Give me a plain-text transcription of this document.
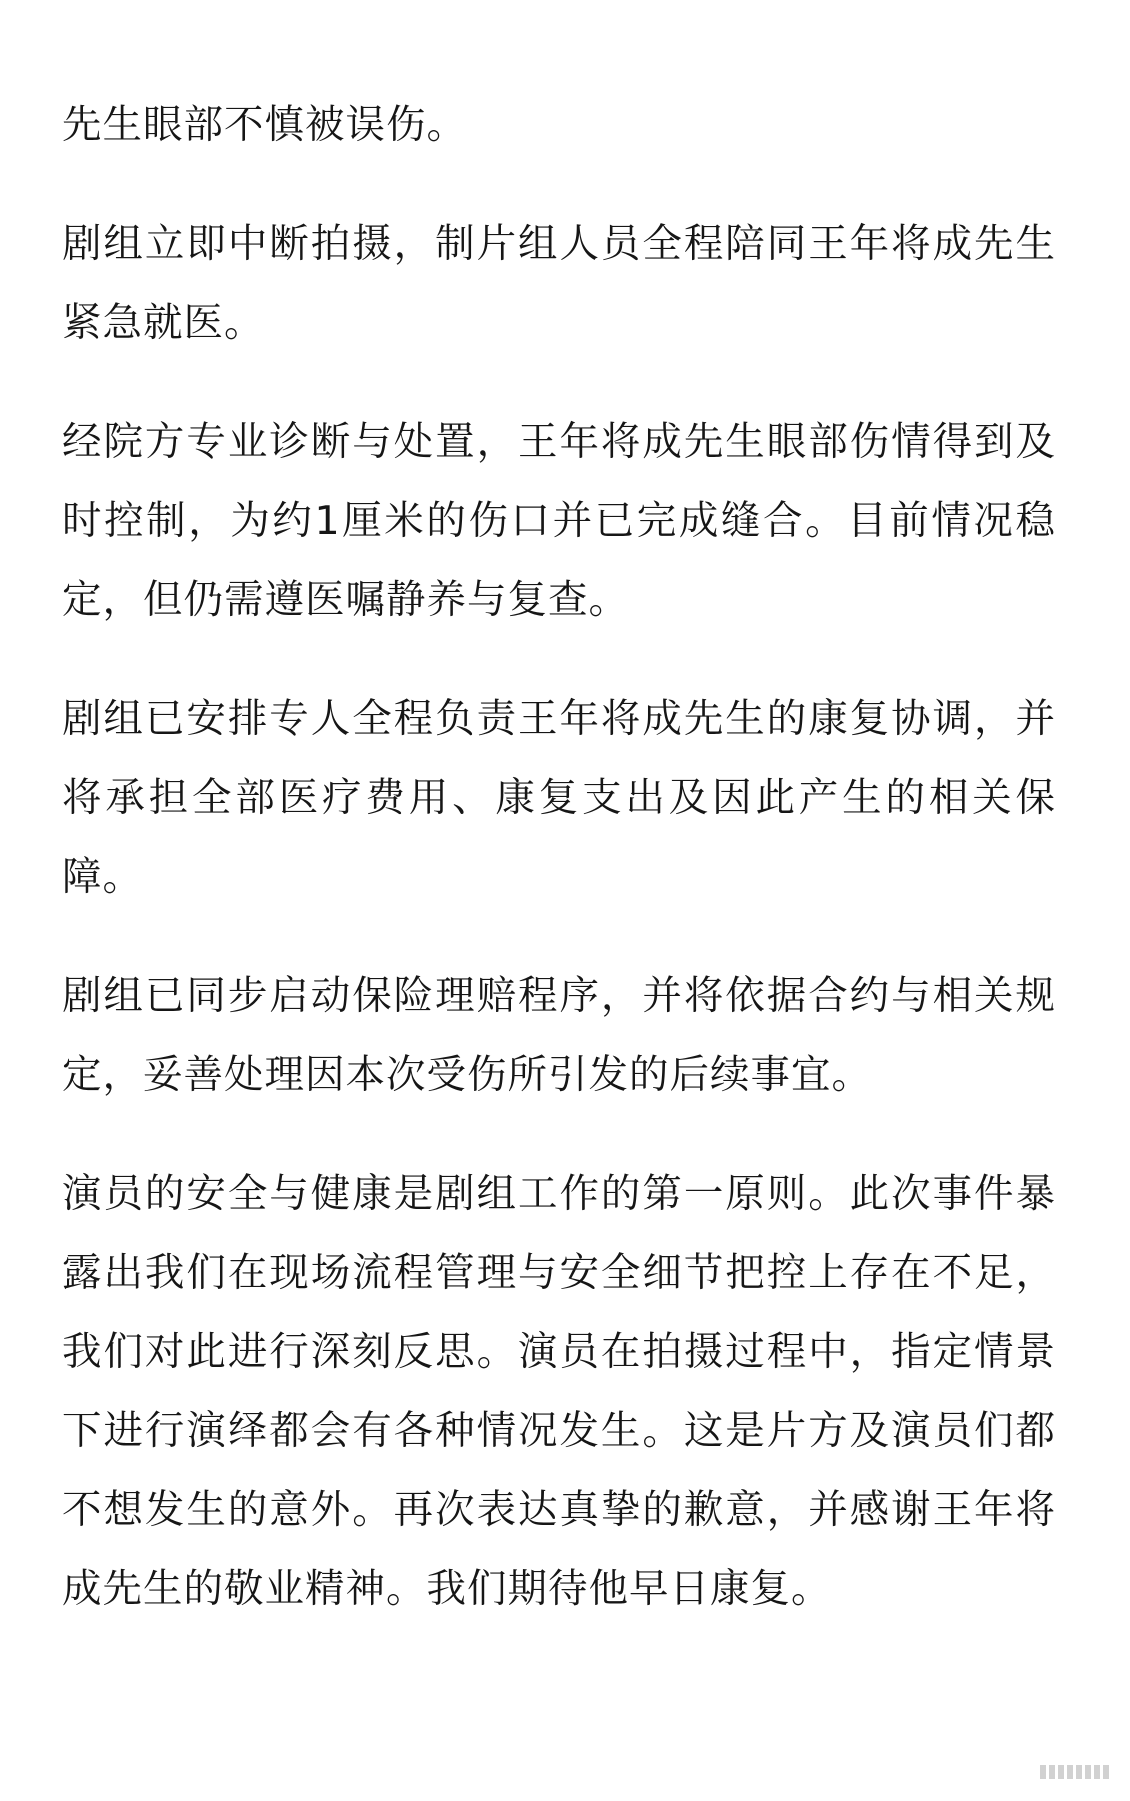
先生眼部不慎被误伤。

剧组立即中断拍摄，制片组人员全程陪同王年将成先生紧急就医。

经院方专业诊断与处置，王年将成先生眼部伤情得到及时控制，为约1厘米的伤口并已完成缝合。目前情况稳定，但仍需遵医嘱静养与复查。

剧组已安排专人全程负责王年将成先生的康复协调，并将承担全部医疗费用、康复支出及因此产生的相关保障。

剧组已同步启动保险理赔程序，并将依据合约与相关规定，妥善处理因本次受伤所引发的后续事宜。

演员的安全与健康是剧组工作的第一原则。此次事件暴露出我们在现场流程管理与安全细节把控上存在不足，我们对此进行深刻反思。演员在拍摄过程中，指定情景下进行演绎都会有各种情况发生。这是片方及演员们都不想发生的意外。再次表达真挚的歉意，并感谢王年将成先生的敬业精神。我们期待他早日康复。
